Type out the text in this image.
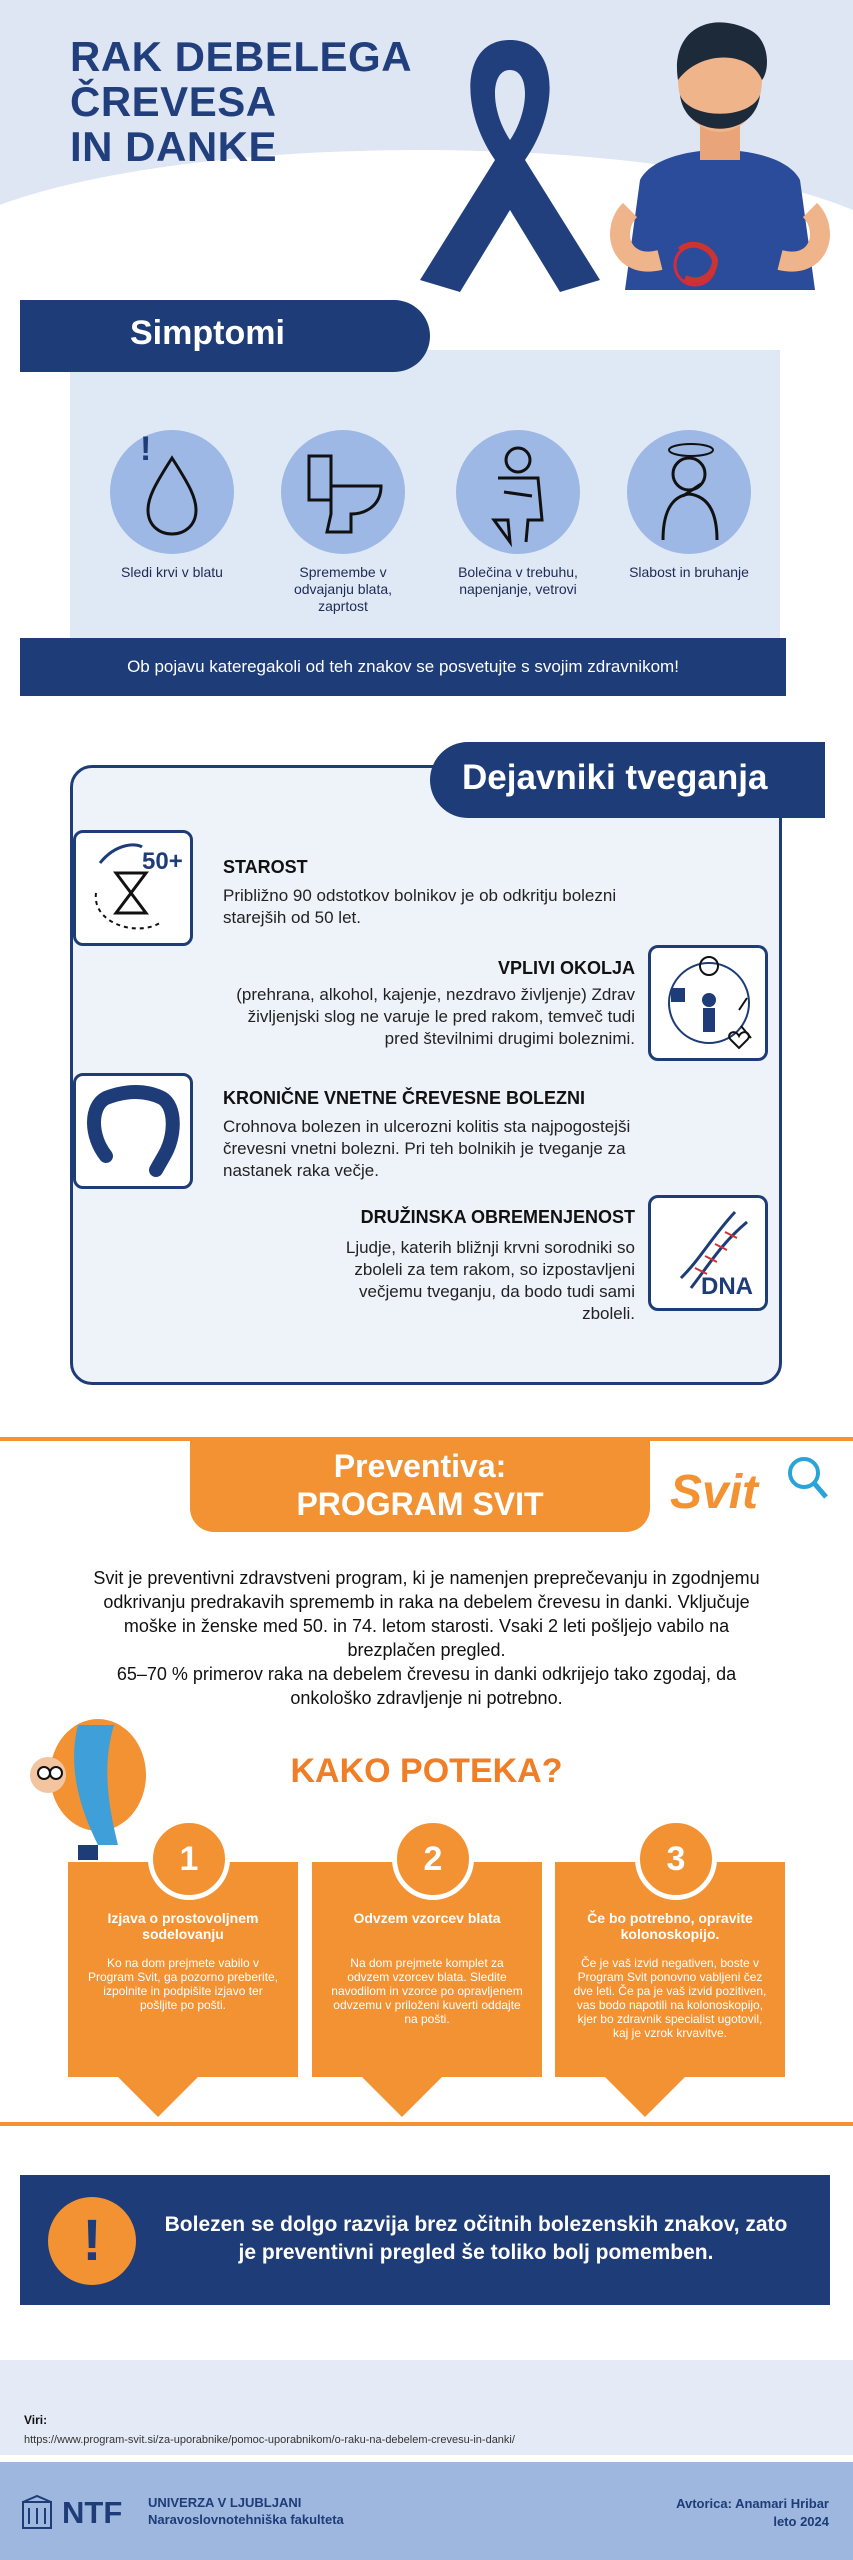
RAK DEBELEGA
ČREVESA
IN DANKE
Simptomi
!
Sledi krvi v blatu	Spremembe v odvajanju blata, zaprtost
Bolečina v trebuhu, napenjanje, vetrovi
Slabost in bruhanje
Ob pojavu kateregakoli od teh znakov se posvetujte s svojim zdravnikom!
Dejavniki tveganja
50+ STAROST
Približno 90 odstotkov bolnikov je ob odkritju bolezni starejših od 50 let.
VPLIVI OKOLJA
(prehrana, alkohol, kajenje, nezdravo življenje) Zdrav življenjski slog ne varuje le pred rakom, temveč tudi pred številnimi drugimi boleznimi.
KRONIČNE VNETNE ČREVESNE BOLEZNI
Crohnova bolezen in ulcerozni kolitis sta najpogostejši črevesni vnetni bolezni. Pri teh bolnikih je tveganje za nastanek raka večje.
DNA
DRUŽINSKA OBREMENJENOST
Ljudje, katerih bližnji krvni sorodniki so zboleli za tem rakom, so izpostavljeni večjemu tveganju, da bodo tudi sami zboleli.
Preventiva:
PROGRAM SVIT	Svit
Svit je preventivni zdravstveni program, ki je namenjen preprečevanju in zgodnjemu odkrivanju predrakavih sprememb in raka na debelem črevesu in danki. Vključuje moške in ženske med 50. in 74. letom starosti. Vsaki 2 leti pošljejo vabilo na brezplačen pregled.
65–70 % primerov raka na debelem črevesu in danki odkrijejo tako zgodaj, da onkološko zdravljenje ni potrebno.
KAKO POTEKA?
1
Izjava o prostovoljnem sodelovanju
Ko na dom prejmete vabilo v Program Svit, ga pozorno preberite, izpolnite in podpišite izjavo ter pošljite po pošti.
2
Odvzem vzorcev blata
Na dom prejmete komplet za odvzem vzorcev blata. Sledite navodilom in vzorce po opravljenem odvzemu v priloženi kuverti oddajte na pošti.
3
Če bo potrebno, opravite kolonoskopijo.
Če je vaš izvid negativen, boste v Program Svit ponovno vabljeni čez dve leti. Če pa je vaš izvid pozitiven, vas bodo napotili na kolonoskopijo, kjer bo zdravnik specialist ugotovil, kaj je vzrok krvavitve.
!	Bolezen se dolgo razvija brez očitnih bolezenskih znakov, zato je preventivni pregled še toliko bolj pomemben.
Viri:
https://www.program-svit.si/za-uporabnike/pomoc-uporabnikom/o-raku-na-debelem-crevesu-in-danki/
NTF UNIVERZA V LJUBLJANI
Naravoslovnotehniška fakulteta
Avtorica: Anamari Hribar
leto 2024
